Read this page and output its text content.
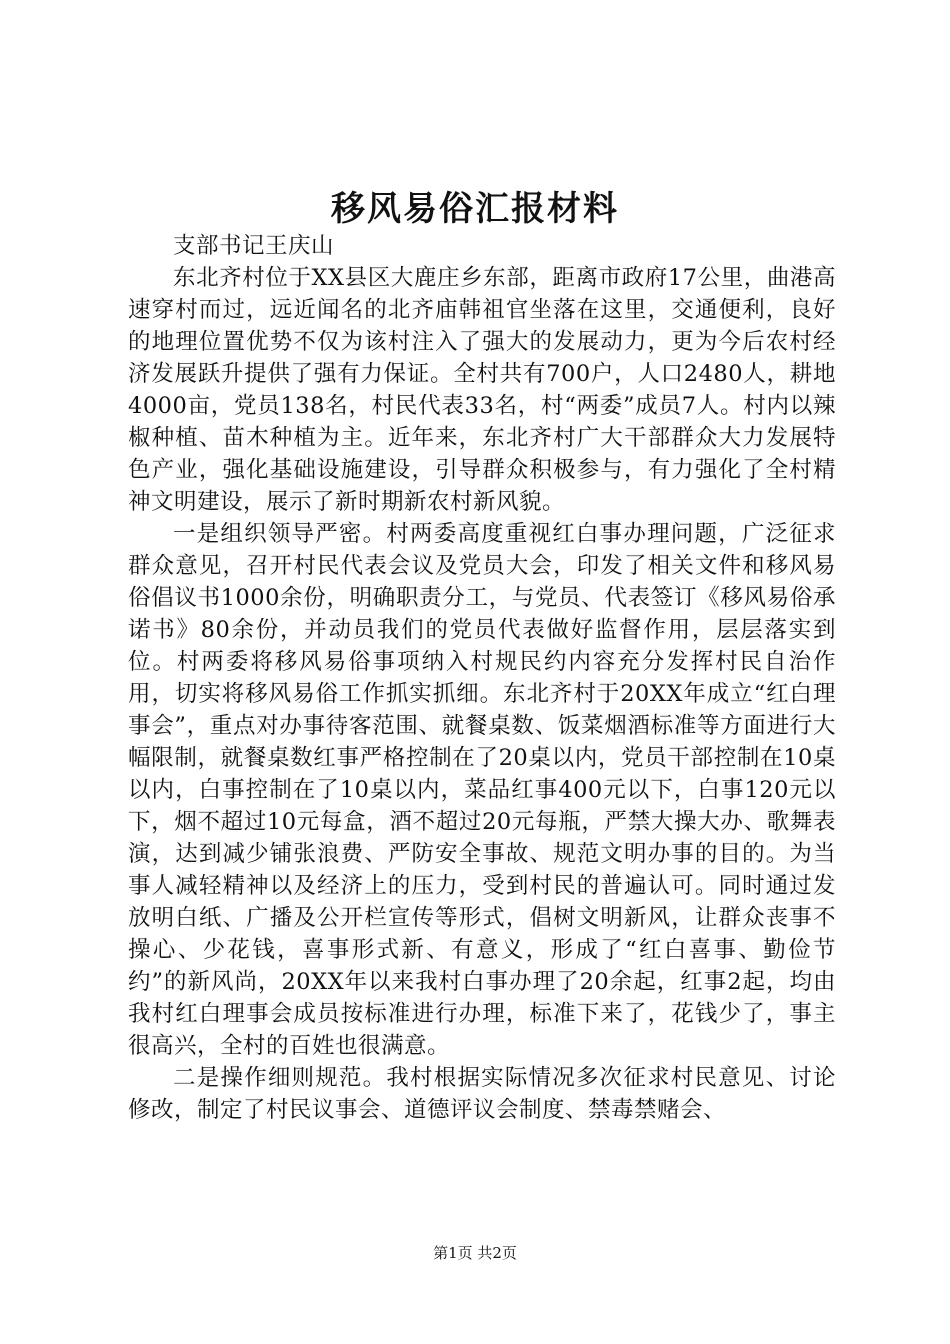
移风易俗汇报材料

支部书记王庆山

东北齐村位于XX县区大鹿庄乡东部，距离市政府17公里，曲港高速穿村而过，远近闻名的北齐庙韩祖官坐落在这里，交通便利，良好的地理位置优势不仅为该村注入了强大的发展动力，更为今后农村经济发展跃升提供了强有力保证。全村共有700户，人口2480人，耕地4000亩，党员138名，村民代表33名，村“两委”成员7人。村内以辣椒种植、苗木种植为主。近年来，东北齐村广大干部群众大力发展特色产业，强化基础设施建设，引导群众积极参与，有力强化了全村精神文明建设，展示了新时期新农村新风貌。

一是组织领导严密。村两委高度重视红白事办理问题，广泛征求群众意见，召开村民代表会议及党员大会，印发了相关文件和移风易俗倡议书1000余份，明确职责分工，与党员、代表签订《移风易俗承诺书》80余份，并动员我们的党员代表做好监督作用，层层落实到位。村两委将移风易俗事项纳入村规民约内容充分发挥村民自治作用，切实将移风易俗工作抓实抓细。东北齐村于20XX年成立“红白理事会”，重点对办事待客范围、就餐桌数、饭菜烟酒标准等方面进行大幅限制，就餐桌数红事严格控制在了20桌以内，党员干部控制在10桌以内，白事控制在了10桌以内，菜品红事400元以下，白事120元以下，烟不超过10元每盒，酒不超过20元每瓶，严禁大操大办、歌舞表演，达到减少铺张浪费、严防安全事故、规范文明办事的目的。为当事人减轻精神以及经济上的压力，受到村民的普遍认可。同时通过发放明白纸、广播及公开栏宣传等形式，倡树文明新风，让群众丧事不操心、少花钱，喜事形式新、有意义，形成了“红白喜事、勤俭节约”的新风尚，20XX年以来我村白事办理了20余起，红事2起，均由我村红白理事会成员按标准进行办理，标准下来了，花钱少了，事主很高兴，全村的百姓也很满意。

二是操作细则规范。我村根据实际情况多次征求村民意见、讨论修改，制定了村民议事会、道德评议会制度、禁毒禁赌会、

第1页 共2页
